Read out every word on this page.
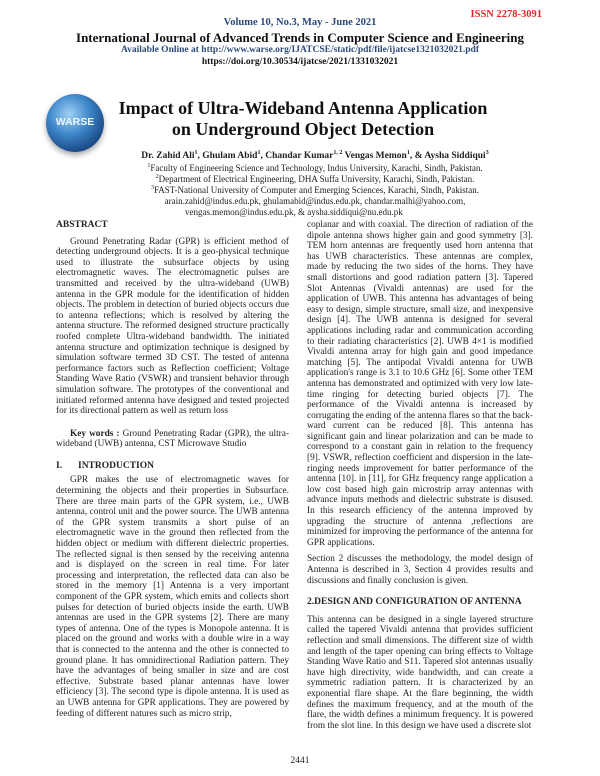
ISSN 2278-3091
Volume 10, No.3, May - June 2021
International Journal of Advanced Trends in Computer Science and Engineering
Available Online at http://www.warse.org/IJATCSE/static/pdf/file/ijatcse1321032021.pdf
https://doi.org/10.30534/ijatcse/2021/1331032021
WARSE
Impact of Ultra-Wideband Antenna Application on Underground Object Detection
Dr. Zahid Ali$^1$, Ghulam Abid$^1$, Chandar Kumar$^{1, 2}$ Vengas Memon$^1$, & Aysha Siddiqui$^3$
$^1$Faculty of Engineering Science and Technology, Indus University, Karachi, Sindh, Pakistan.
$^2$Department of Electrical Engineering, DHA Suffa University, Karachi, Sindh, Pakistan.
$^3$FAST-National University of Computer and Emerging Sciences, Karachi, Sindh, Pakistan.
arain.zahid@indus.edu.pk, ghulamabid@indus.edu.pk, chandar.malhi@yahoo.com,
vengas.memon@indus.edu.pk, & aysha.siddiqui@nu.edu.pk
ABSTRACT

Ground Penetrating Radar (GPR) is efficient method of detecting underground objects. It is a geo-physical technique used to illustrate the subsurface objects by using electromagnetic waves. The electromagnetic pulses are transmitted and received by the ultra-wideband (UWB) antenna in the GPR module for the identification of hidden objects. The problem in detection of buried objects occurs due to antenna reflections; which is resolved by altering the antenna structure. The reformed designed structure practically roofed complete Ultra-wideband bandwidth. The initiated antenna structure and optimization technique is designed by simulation software termed 3D CST. The tested of antenna performance factors such as Reflection coefficient; Voltage Standing Wave Ratio (VSWR) and transient behavior through simulation software. The prototypes of the conventional and initiated reformed antenna have designed and tested projected for its directional pattern as well as return loss

Key words : Ground Penetrating Radar (GPR), the ultra-wideband (UWB) antenna, CST Microwave Studio

I. INTRODUCTION

GPR makes the use of electromagnetic waves for determining the objects and their properties in Subsurface. There are three main parts of the GPR system, i.e., UWB antenna, control unit and the power source. The UWB antenna of the GPR system transmits a short pulse of an electromagnetic wave in the ground then reflected from the hidden object or medium with different dielectric properties. The reflected signal is then sensed by the receiving antenna and is displayed on the screen in real time. For later processing and interpretation, the reflected data can also be stored in the memory [1] Antenna is a very important component of the GPR system, which emits and collects short pulses for detection of buried objects inside the earth. UWB antennas are used in the GPR systems [2]. There are many types of antenna. One of the types is Monopole antenna. It is placed on the ground and works with a double wire in a way that is connected to the antenna and the other is connected to ground plane. It has omnidirectional Radiation pattern. They have the advantages of being smaller in size and are cost effective. Substrate based planar antennas have lower efficiency [3]. The second type is dipole antenna. It is used as an UWB antenna for GPR applications. They are powered by feeding of different natures such as micro strip,

coplanar and with coaxial. The direction of radiation of the dipole antenna shows higher gain and good symmetry [3]. TEM horn antennas are frequently used horn antenna that has UWB characteristics. These antennas are complex, made by reducing the two sides of the horns. They have small distortions and good radiation pattern [3]. Tapered Slot Antennas (Vivaldi antennas) are used for the application of UWB. This antenna has advantages of being easy to design, simple structure, small size, and inexpensive design [4]. The UWB antenna is designed for several applications including radar and communication according to their radiating characteristics [2]. UWB 4×1 is modified Vivaldi antenna array for high gain and good impedance matching [5]. The antipodal Vivaldi antenna for UWB application's range is 3.1 to 10.6 GHz [6]. Some other TEM antenna has demonstrated and optimized with very low late-time ringing for detecting buried objects [7]. The performance of the Vivaldi antenna is increased by corrugating the ending of the antenna flares so that the back-ward current can be reduced [8]. This antenna has significant gain and linear polarization and can be made to correspond to a constant gain in relation to the frequency [9]. VSWR, reflection coefficient and dispersion in the late-ringing needs improvement for batter performance of the antenna [10]. in [11], for GHz frequency range application a low cost based high gain microstrip array antennas with advance inputs methods and dielectric substrate is disused. In this research efficiency of the antenna improved by upgrading the structure of antenna ,reflections are minimized for improving the performance of the antenna for GPR applications.

Section 2 discusses the methodology, the model design of Antenna is described in 3, Section 4 provides results and discussions and finally conclusion is given.

2.DESIGN AND CONFIGURATION OF ANTENNA

This antenna can be designed in a single layered structure called the tapered Vivaldi antenna that provides sufficient reflection and small dimensions. The different size of width and length of the taper opening can bring effects to Voltage Standing Wave Ratio and S11. Tapered slot antennas usually have high directivity, wide bandwidth, and can create a symmetric radiation pattern. It is characterized by an exponential flare shape. At the flare beginning, the width defines the maximum frequency, and at the mouth of the flare, the width defines a minimum frequency. It is powered from the slot line. In this design we have used a discrete slot

2441
